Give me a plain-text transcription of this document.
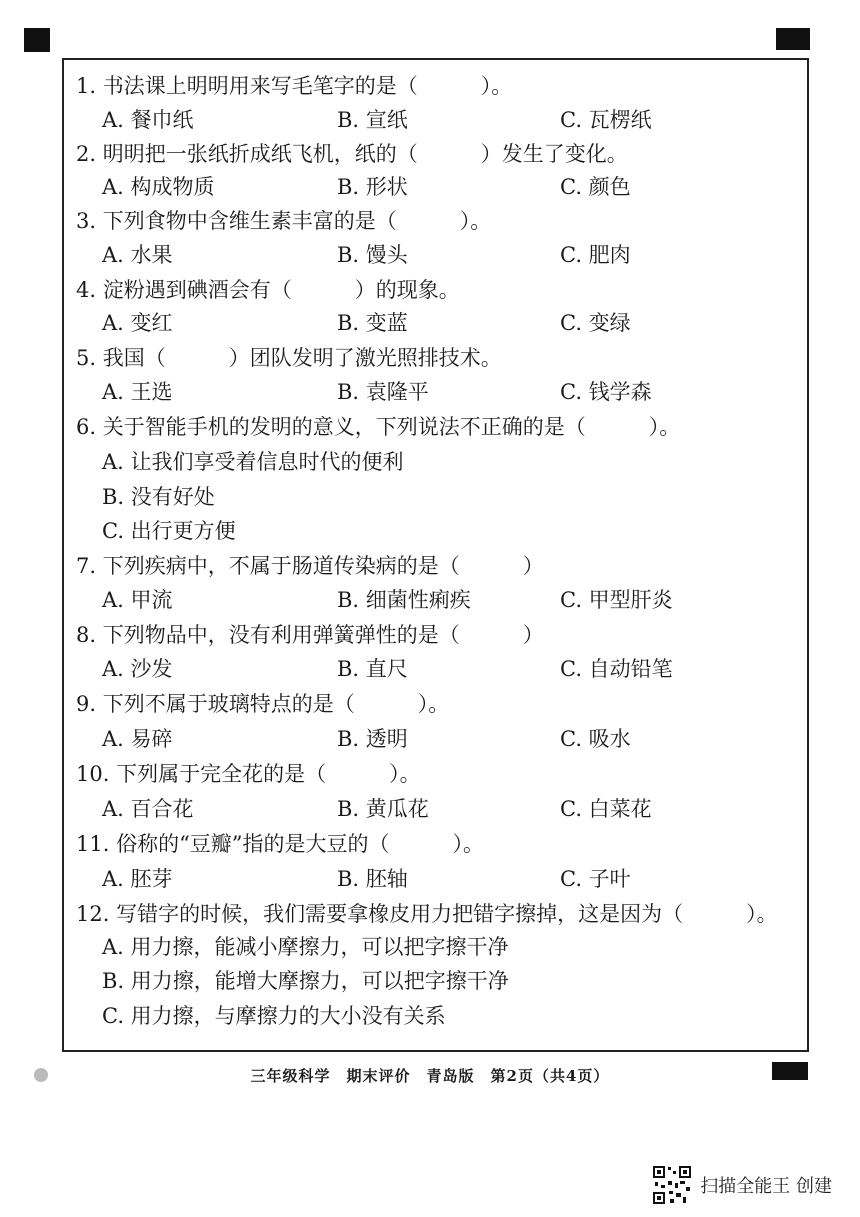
1. 书法课上明明用来写毛笔字的是（　　　）。
A. 餐巾纸	B. 宣纸	C. 瓦楞纸
2. 明明把一张纸折成纸飞机，纸的（　　　）发生了变化。
A. 构成物质	B. 形状	C. 颜色
3. 下列食物中含维生素丰富的是（　　　）。
A. 水果	B. 馒头	C. 肥肉
4. 淀粉遇到碘酒会有（　　　）的现象。
A. 变红	B. 变蓝	C. 变绿
5. 我国（　　　）团队发明了激光照排技术。
A. 王选	B. 袁隆平	C. 钱学森
6. 关于智能手机的发明的意义，下列说法不正确的是（　　　）。
A. 让我们享受着信息时代的便利
B. 没有好处
C. 出行更方便
7. 下列疾病中，不属于肠道传染病的是（　　　）
A. 甲流	B. 细菌性痢疾	C. 甲型肝炎
8. 下列物品中，没有利用弹簧弹性的是（　　　）
A. 沙发	B. 直尺	C. 自动铅笔
9. 下列不属于玻璃特点的是（　　　）。
A. 易碎	B. 透明	C. 吸水
10. 下列属于完全花的是（　　　）。
A. 百合花	B. 黄瓜花	C. 白菜花
11. 俗称的“豆瓣”指的是大豆的（　　　）。
A. 胚芽	B. 胚轴	C. 子叶
12. 写错字的时候，我们需要拿橡皮用力把错字擦掉，这是因为（　　　）。
A. 用力擦，能减小摩擦力，可以把字擦干净
B. 用力擦，能增大摩擦力，可以把字擦干净
C. 用力擦，与摩擦力的大小没有关系
三年级科学　期末评价　青岛版　第2页（共4页）
扫描全能王 创建
